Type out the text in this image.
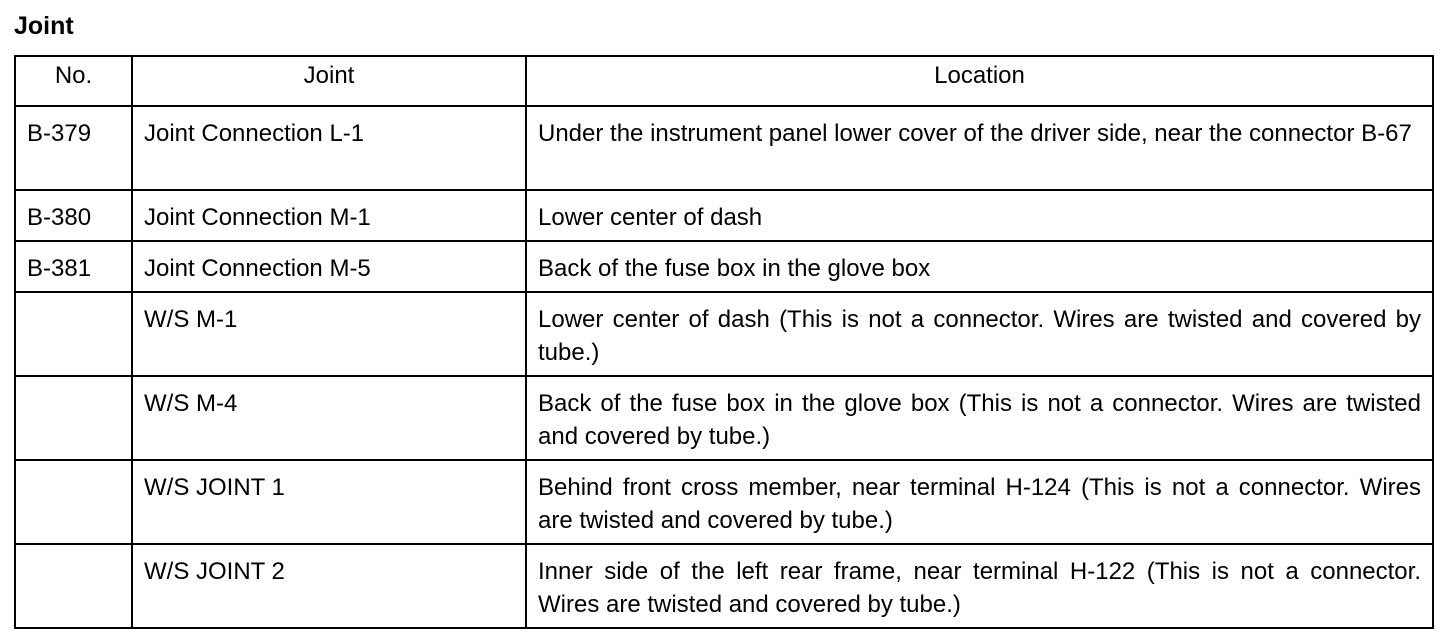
Joint
No.	Joint	Location
B-379	Joint Connection L-1	Under the instrument panel lower cover of the driver side, near the connector B-67
B-380	Joint Connection M-1	Lower center of dash
B-381	Joint Connection M-5	Back of the fuse box in the glove box
	W/S M-1	Lower center of dash (This is not a connector. Wires are twisted and covered by tube.)
	W/S M-4	Back of the fuse box in the glove box (This is not a connector. Wires are twisted and covered by tube.)
	W/S JOINT 1	Behind front cross member, near terminal H-124 (This is not a connector. Wires are twisted and covered by tube.)
	W/S JOINT 2	Inner side of the left rear frame, near terminal H-122 (This is not a connector. Wires are twisted and covered by tube.)
